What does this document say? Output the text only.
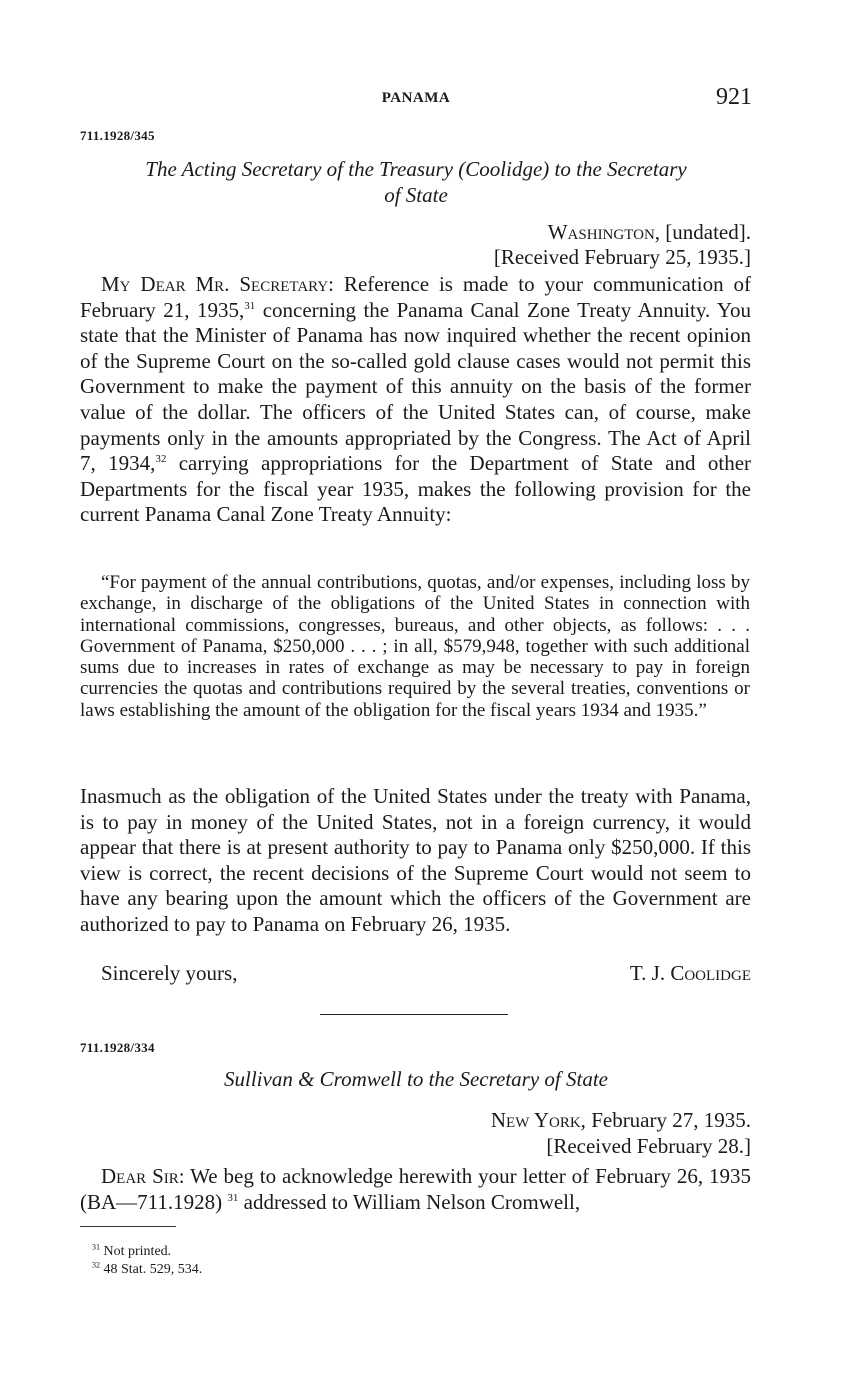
PANAMA	921
711.1928/345
The Acting Secretary of the Treasury (Coolidge) to the Secretary
of State
Washington, [undated].
[Received February 25, 1935.]

My Dear Mr. Secretary: Reference is made to your communication of February 21, 1935,31 concerning the Panama Canal Zone Treaty Annuity. You state that the Minister of Panama has now inquired whether the recent opinion of the Supreme Court on the so-called gold clause cases would not permit this Government to make the payment of this annuity on the basis of the former value of the dollar. The officers of the United States can, of course, make payments only in the amounts appropriated by the Congress. The Act of April 7, 1934,32 carrying appropriations for the Department of State and other Departments for the fiscal year 1935, makes the following provision for the current Panama Canal Zone Treaty Annuity:

“For payment of the annual contributions, quotas, and/or expenses, including loss by exchange, in discharge of the obligations of the United States in connection with international commissions, congresses, bureaus, and other objects, as follows: . . . Government of Panama, $250,000 . . . ; in all, $579,948, together with such additional sums due to increases in rates of exchange as may be necessary to pay in foreign currencies the quotas and contributions required by the several treaties, conventions or laws establishing the amount of the obligation for the fiscal years 1934 and 1935.”

Inasmuch as the obligation of the United States under the treaty with Panama, is to pay in money of the United States, not in a foreign currency, it would appear that there is at present authority to pay to Panama only $250,000. If this view is correct, the recent decisions of the Supreme Court would not seem to have any bearing upon the amount which the officers of the Government are authorized to pay to Panama on February 26, 1935.

Sincerely yours,	T. J. Coolidge
711.1928/334
Sullivan & Cromwell to the Secretary of State
New York, February 27, 1935.
[Received February 28.]

Dear Sir: We beg to acknowledge herewith your letter of February 26, 1935 (BA—711.1928) $^{31}$ addressed to William Nelson Cromwell,

$^{31}$ Not printed.
$^{32}$ 48 Stat. 529, 534.
